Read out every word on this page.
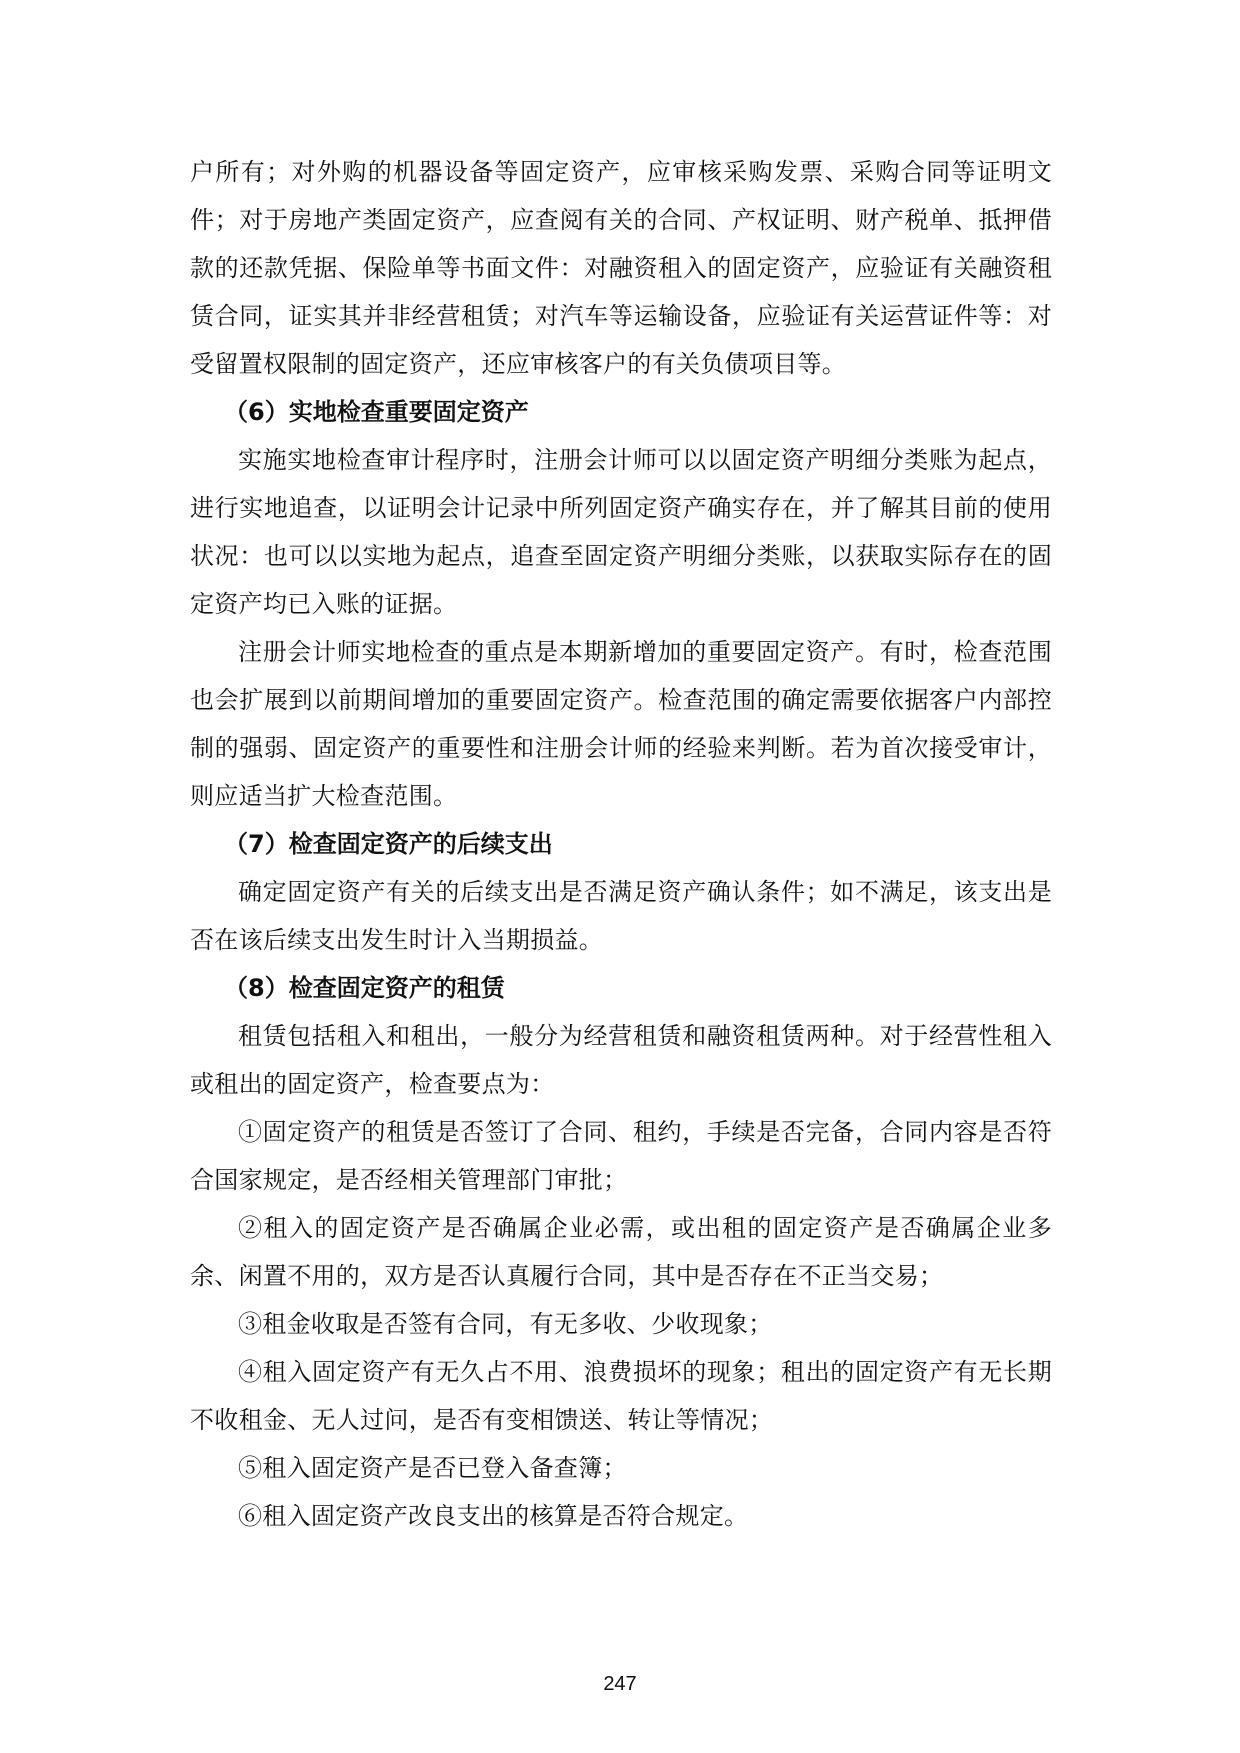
户所有；对外购的机器设备等固定资产，应审核采购发票、采购合同等证明文件；对于房地产类固定资产，应查阅有关的合同、产权证明、财产税单、抵押借款的还款凭据、保险单等书面文件：对融资租入的固定资产，应验证有关融资租赁合同，证实其并非经营租赁；对汽车等运输设备，应验证有关运营证件等：对受留置权限制的固定资产，还应审核客户的有关负债项目等。

（6）实地检查重要固定资产

实施实地检查审计程序时，注册会计师可以以固定资产明细分类账为起点，进行实地追查，以证明会计记录中所列固定资产确实存在，并了解其目前的使用状况：也可以以实地为起点，追查至固定资产明细分类账，以获取实际存在的固定资产均已入账的证据。

注册会计师实地检查的重点是本期新增加的重要固定资产。有时，检查范围也会扩展到以前期间增加的重要固定资产。检查范围的确定需要依据客户内部控制的强弱、固定资产的重要性和注册会计师的经验来判断。若为首次接受审计，则应适当扩大检查范围。

（7）检查固定资产的后续支出

确定固定资产有关的后续支出是否满足资产确认条件；如不满足，该支出是否在该后续支出发生时计入当期损益。

（8）检查固定资产的租赁

租赁包括租入和租出，一般分为经营租赁和融资租赁两种。对于经营性租入或租出的固定资产，检查要点为：

①固定资产的租赁是否签订了合同、租约，手续是否完备，合同内容是否符合国家规定，是否经相关管理部门审批；

②租入的固定资产是否确属企业必需，或出租的固定资产是否确属企业多余、闲置不用的，双方是否认真履行合同，其中是否存在不正当交易；

③租金收取是否签有合同，有无多收、少收现象；

④租入固定资产有无久占不用、浪费损坏的现象；租出的固定资产有无长期不收租金、无人过问，是否有变相馈送、转让等情况；

⑤租入固定资产是否已登入备查簿；

⑥租入固定资产改良支出的核算是否符合规定。

247
